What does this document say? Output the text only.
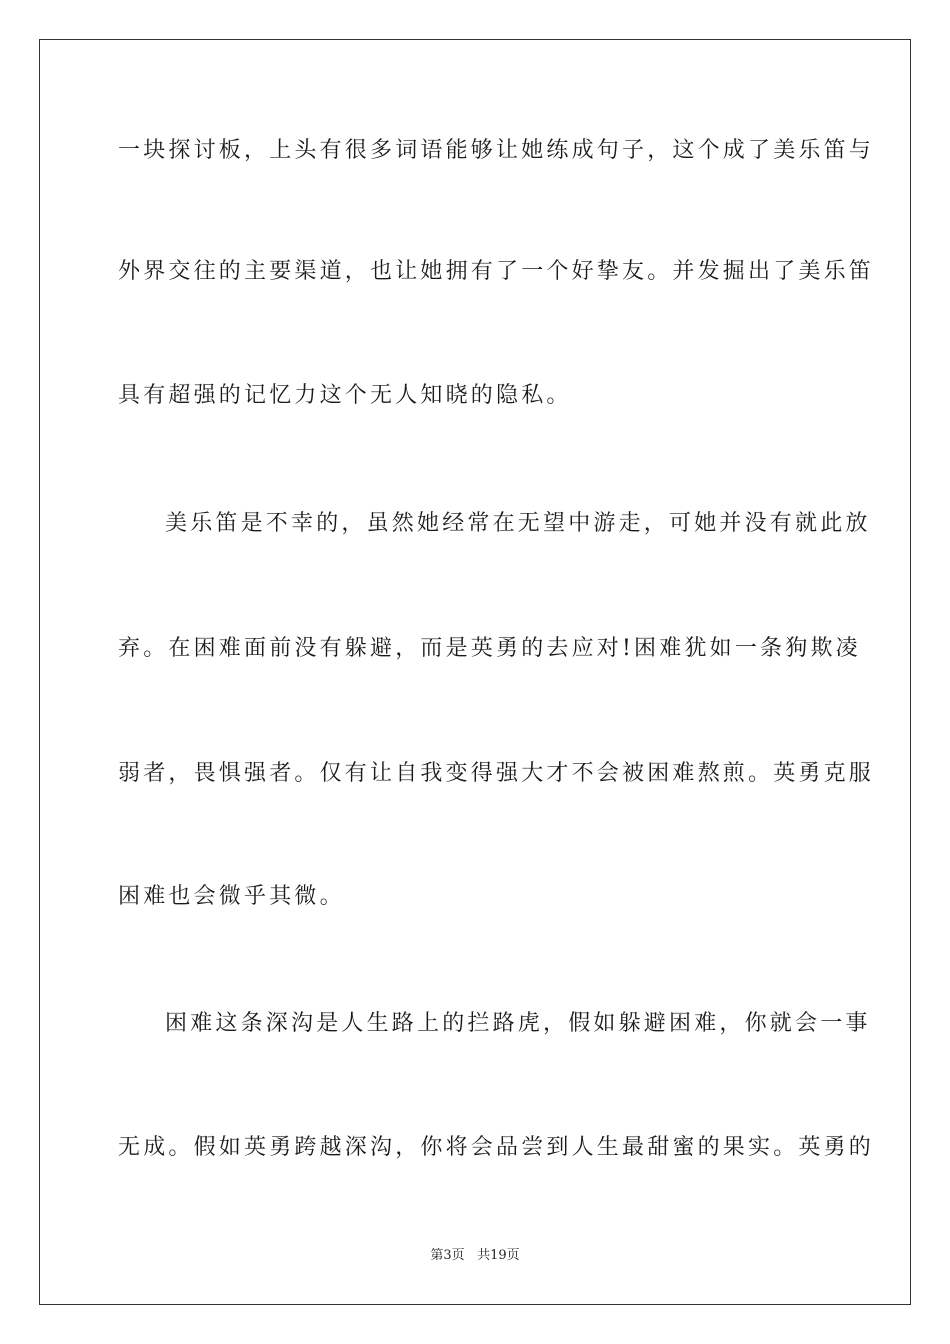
一块探讨板，上头有很多词语能够让她练成句子，这个成了美乐笛与
外界交往的主要渠道，也让她拥有了一个好挚友。并发掘出了美乐笛
具有超强的记忆力这个无人知晓的隐私。
美乐笛是不幸的，虽然她经常在无望中游走，可她并没有就此放
弃。在困难面前没有躲避，而是英勇的去应对!困难犹如一条狗欺凌
弱者，畏惧强者。仅有让自我变得强大才不会被困难熬煎。英勇克服
困难也会微乎其微。
困难这条深沟是人生路上的拦路虎，假如躲避困难，你就会一事
无成。假如英勇跨越深沟，你将会品尝到人生最甜蜜的果实。英勇的
第3页 共19页
